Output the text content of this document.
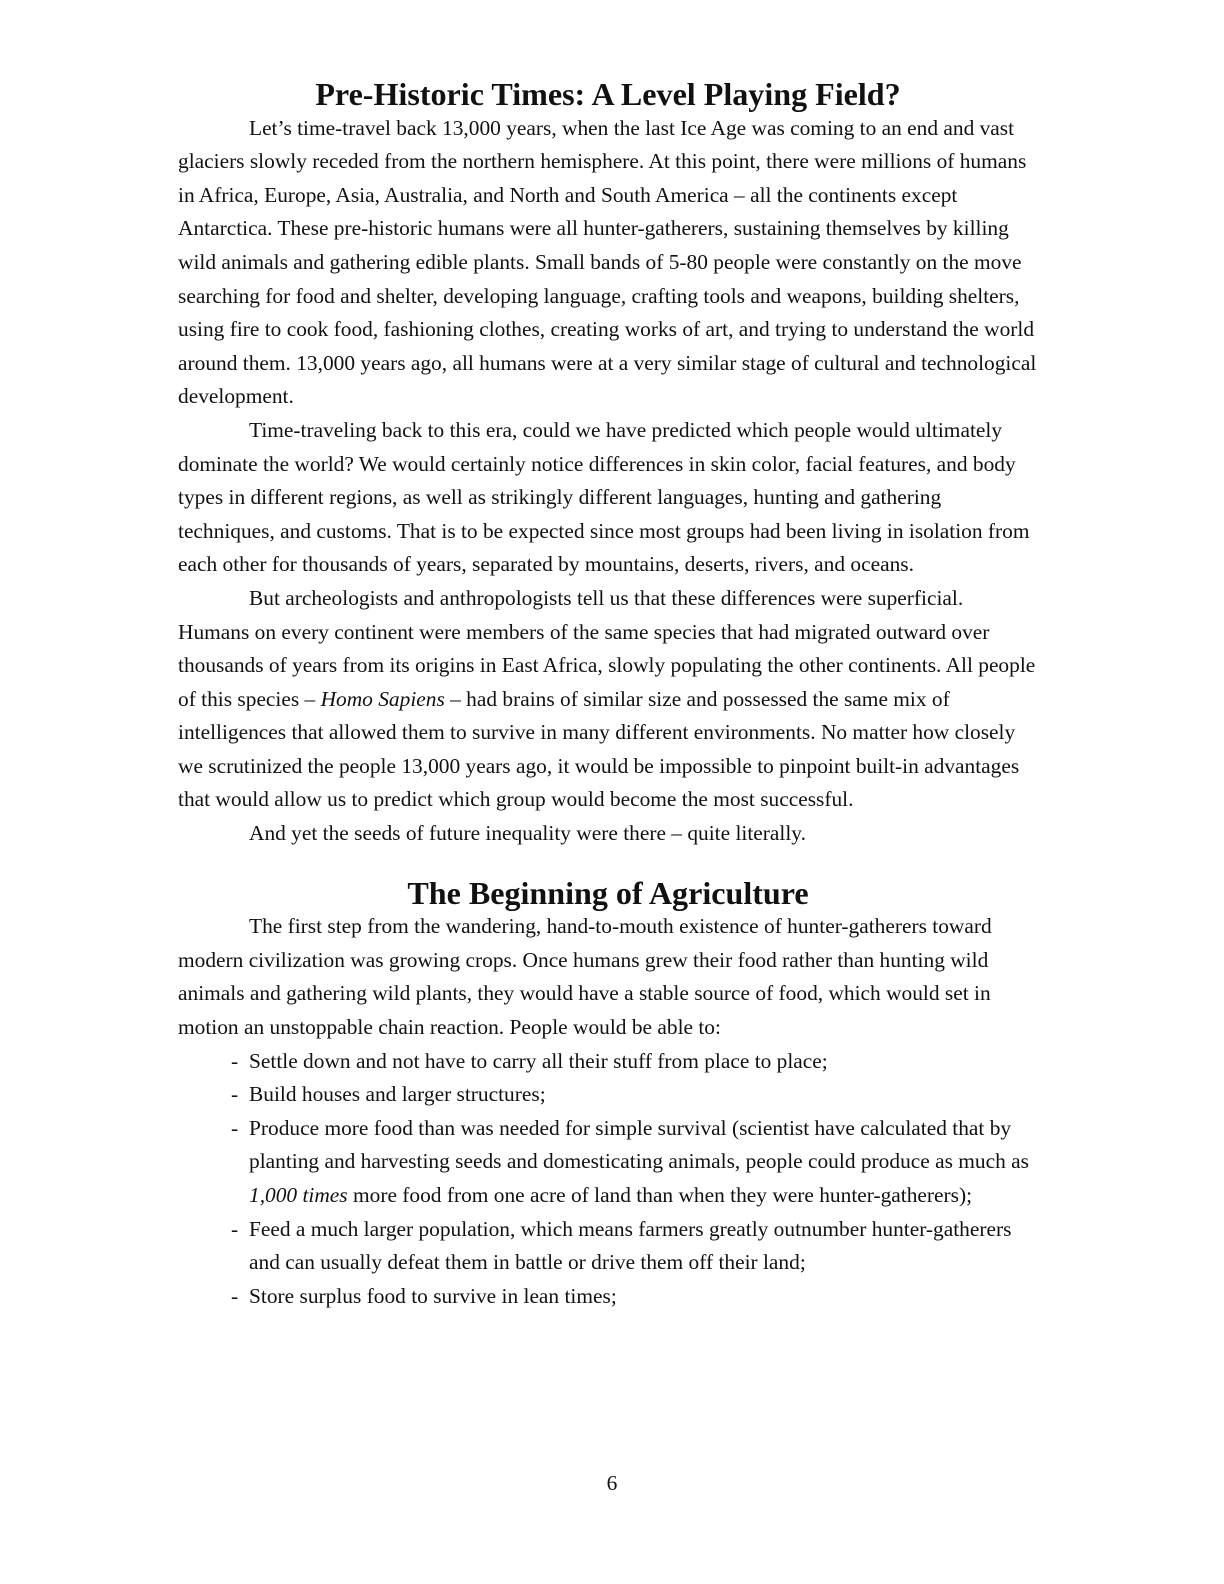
Pre-Historic Times: A Level Playing Field?

Let’s time-travel back 13,000 years, when the last Ice Age was coming to an end and vast glaciers slowly receded from the northern hemisphere. At this point, there were millions of humans in Africa, Europe, Asia, Australia, and North and South America – all the continents except Antarctica. These pre-historic humans were all hunter-gatherers, sustaining themselves by killing wild animals and gathering edible plants. Small bands of 5-80 people were constantly on the move searching for food and shelter, developing language, crafting tools and weapons, building shelters, using fire to cook food, fashioning clothes, creating works of art, and trying to understand the world around them. 13,000 years ago, all humans were at a very similar stage of cultural and technological development.

Time-traveling back to this era, could we have predicted which people would ultimately dominate the world? We would certainly notice differences in skin color, facial features, and body types in different regions, as well as strikingly different languages, hunting and gathering techniques, and customs. That is to be expected since most groups had been living in isolation from each other for thousands of years, separated by mountains, deserts, rivers, and oceans.

But archeologists and anthropologists tell us that these differences were superficial. Humans on every continent were members of the same species that had migrated outward over thousands of years from its origins in East Africa, slowly populating the other continents. All people of this species – Homo Sapiens – had brains of similar size and possessed the same mix of intelligences that allowed them to survive in many different environments. No matter how closely we scrutinized the people 13,000 years ago, it would be impossible to pinpoint built-in advantages that would allow us to predict which group would become the most successful.

And yet the seeds of future inequality were there – quite literally.

The Beginning of Agriculture

The first step from the wandering, hand-to-mouth existence of hunter-gatherers toward modern civilization was growing crops. Once humans grew their food rather than hunting wild animals and gathering wild plants, they would have a stable source of food, which would set in motion an unstoppable chain reaction. People would be able to:

- Settle down and not have to carry all their stuff from place to place;
- Build houses and larger structures;
- Produce more food than was needed for simple survival (scientist have calculated that by planting and harvesting seeds and domesticating animals, people could produce as much as 1,000 times more food from one acre of land than when they were hunter-gatherers);
- Feed a much larger population, which means farmers greatly outnumber hunter-gatherers and can usually defeat them in battle or drive them off their land;
- Store surplus food to survive in lean times;
6
